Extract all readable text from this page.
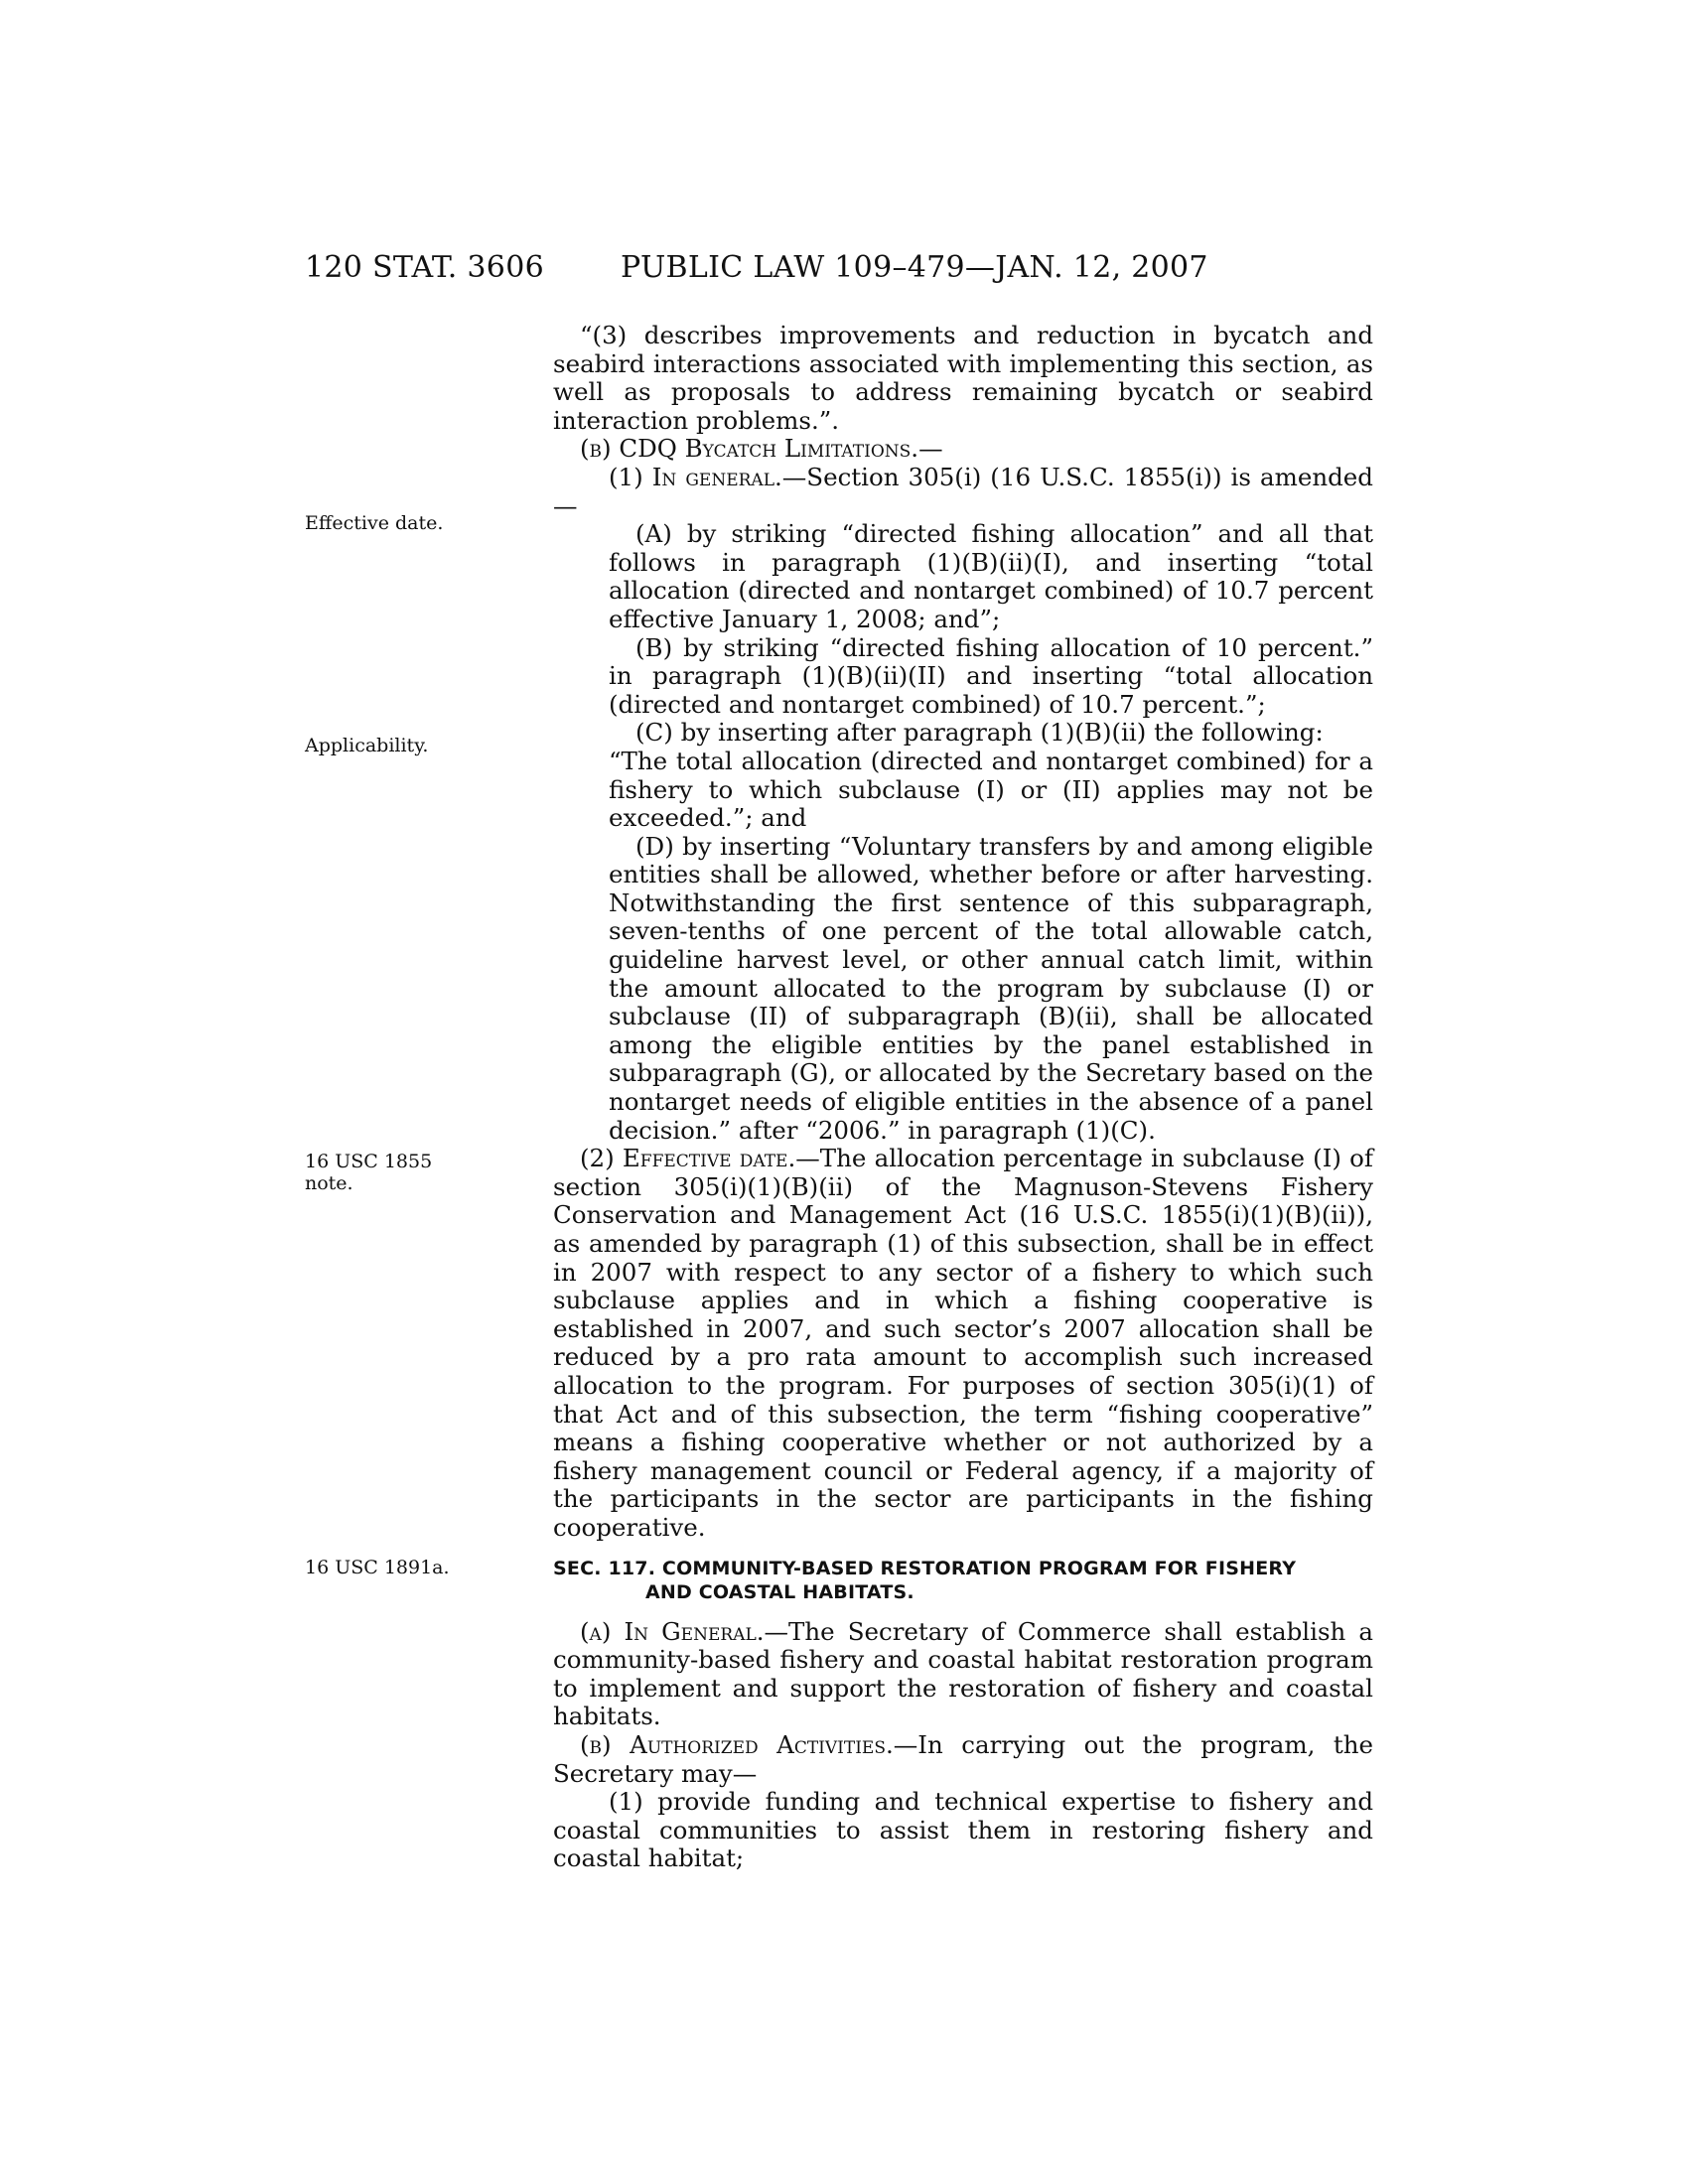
120 STAT. 3606	PUBLIC LAW 109–479—JAN. 12, 2007
Effective date.
Applicability.
16 USC 1855
note.
16 USC 1891a.

“(3) describes improvements and reduction in bycatch and seabird interactions associated with implementing this section, as well as proposals to address remaining bycatch or seabird interaction problems.”.

(b) CDQ Bycatch Limitations.—

(1) In general.—Section 305(i) (16 U.S.C. 1855(i)) is amended—

(A) by striking “directed fishing allocation” and all that follows in paragraph (1)(B)(ii)(I), and inserting “total allocation (directed and nontarget combined) of 10.7 percent effective January 1, 2008; and”;

(B) by striking “directed fishing allocation of 10 percent.” in paragraph (1)(B)(ii)(II) and inserting “total allocation (directed and nontarget combined) of 10.7 percent.”;

(C) by inserting after paragraph (1)(B)(ii) the following:

“The total allocation (directed and nontarget combined) for a fishery to which subclause (I) or (II) applies may not be exceeded.”; and

(D) by inserting “Voluntary transfers by and among eligible entities shall be allowed, whether before or after harvesting. Notwithstanding the first sentence of this subparagraph, seven-tenths of one percent of the total allowable catch, guideline harvest level, or other annual catch limit, within the amount allocated to the program by subclause (I) or subclause (II) of subparagraph (B)(ii), shall be allocated among the eligible entities by the panel established in subparagraph (G), or allocated by the Secretary based on the nontarget needs of eligible entities in the absence of a panel decision.” after “2006.” in paragraph (1)(C).

(2) Effective date.—The allocation percentage in subclause (I) of section 305(i)(1)(B)(ii) of the Magnuson-Stevens Fishery Conservation and Management Act (16 U.S.C. 1855(i)(1)(B)(ii)), as amended by paragraph (1) of this subsection, shall be in effect in 2007 with respect to any sector of a fishery to which such subclause applies and in which a fishing cooperative is established in 2007, and such sector’s 2007 allocation shall be reduced by a pro rata amount to accomplish such increased allocation to the program. For purposes of section 305(i)(1) of that Act and of this subsection, the term “fishing cooperative” means a fishing cooperative whether or not authorized by a fishery management council or Federal agency, if a majority of the participants in the sector are participants in the fishing cooperative.

SEC. 117. COMMUNITY-BASED RESTORATION PROGRAM FOR FISHERY
AND COASTAL HABITATS.

(a) In General.—The Secretary of Commerce shall establish a community-based fishery and coastal habitat restoration program to implement and support the restoration of fishery and coastal habitats.

(b) Authorized Activities.—In carrying out the program, the Secretary may—

(1) provide funding and technical expertise to fishery and coastal communities to assist them in restoring fishery and coastal habitat;
